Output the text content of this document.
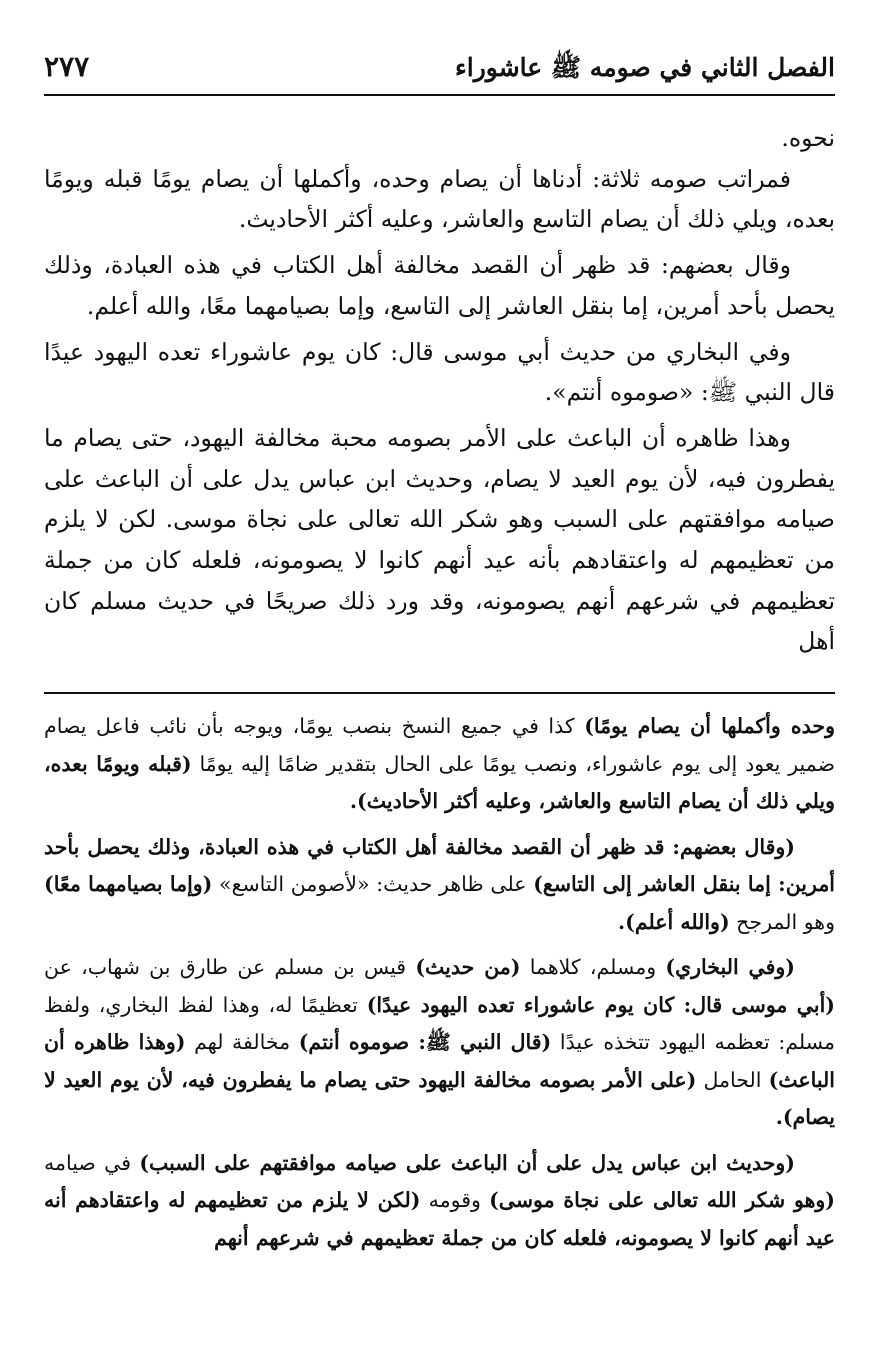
٢٧٧	الفصل الثاني في صومه ﷺ عاشوراء

نحوه.

فمراتب صومه ثلاثة: أدناها أن يصام وحده، وأكملها أن يصام يومًا قبله ويومًا بعده، ويلي ذلك أن يصام التاسع والعاشر، وعليه أكثر الأحاديث.

وقال بعضهم: قد ظهر أن القصد مخالفة أهل الكتاب في هذه العبادة، وذلك يحصل بأحد أمرين، إما بنقل العاشر إلى التاسع، وإما بصيامهما معًا، والله أعلم.

وفي البخاري من حديث أبي موسى قال: كان يوم عاشوراء تعده اليهود عيدًا قال النبي ﷺ: «صوموه أنتم».

وهذا ظاهره أن الباعث على الأمر بصومه محبة مخالفة اليهود، حتى يصام ما يفطرون فيه، لأن يوم العيد لا يصام، وحديث ابن عباس يدل على أن الباعث على صيامه موافقتهم على السبب وهو شكر الله تعالى على نجاة موسى. لكن لا يلزم من تعظيمهم له واعتقادهم بأنه عيد أنهم كانوا لا يصومونه، فلعله كان من جملة تعظيمهم في شرعهم أنهم يصومونه، وقد ورد ذلك صريحًا في حديث مسلم كان أهل

وحده وأكملها أن يصام يومًا) كذا في جميع النسخ بنصب يومًا، ويوجه بأن نائب فاعل يصام ضمير يعود إلى يوم عاشوراء، ونصب يومًا على الحال بتقدير ضامًا إليه يومًا (قبله ويومًا بعده، ويلي ذلك أن يصام التاسع والعاشر، وعليه أكثر الأحاديث).

(وقال بعضهم: قد ظهر أن القصد مخالفة أهل الكتاب في هذه العبادة، وذلك يحصل بأحد أمرين: إما بنقل العاشر إلى التاسع) على ظاهر حديث: «لأصومن التاسع» (وإما بصيامهما معًا) وهو المرجح (والله أعلم).

(وفي البخاري) ومسلم، كلاهما (من حديث) قيس بن مسلم عن طارق بن شهاب، عن (أبي موسى قال: كان يوم عاشوراء تعده اليهود عيدًا) تعظيمًا له، وهذا لفظ البخاري، ولفظ مسلم: تعظمه اليهود تتخذه عيدًا (قال النبي ﷺ: صوموه أنتم) مخالفة لهم (وهذا ظاهره أن الباعث) الحامل (على الأمر بصومه مخالفة اليهود حتى يصام ما يفطرون فيه، لأن يوم العيد لا يصام).

(وحديث ابن عباس يدل على أن الباعث على صيامه موافقتهم على السبب) في صيامه (وهو شكر الله تعالى على نجاة موسى) وقومه (لكن لا يلزم من تعظيمهم له واعتقادهم أنه عيد أنهم كانوا لا يصومونه، فلعله كان من جملة تعظيمهم في شرعهم أنهم
